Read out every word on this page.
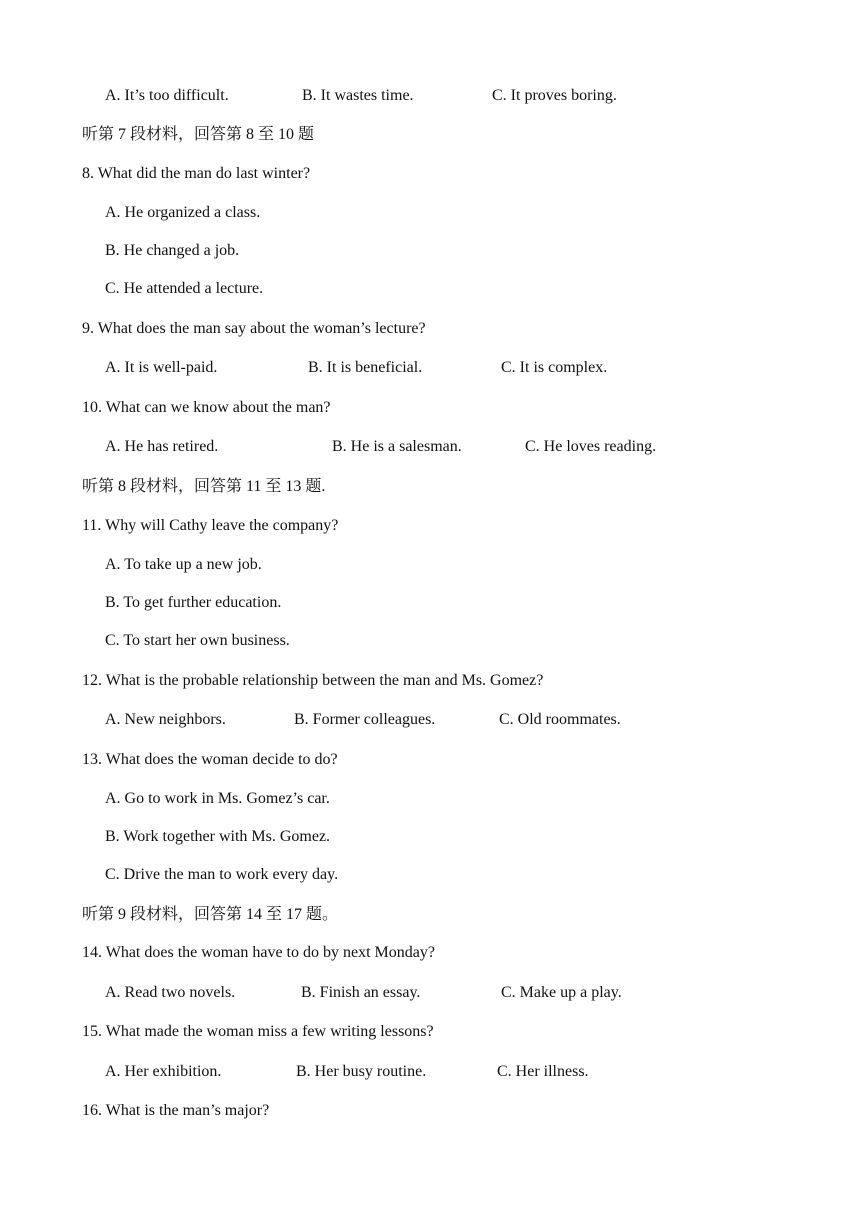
A. It’s too difficult.	B. It wastes time.	C. It proves boring.
听第 7 段材料，回答第 8 至 10 题
8. What did the man do last winter?
A. He organized a class.
B. He changed a job.
C. He attended a lecture.
9. What does the man say about the woman’s lecture?
A. It is well-paid.	B. It is beneficial.	C. It is complex.
10. What can we know about the man?
A. He has retired.	B. He is a salesman.	C. He loves reading.
听第 8 段材料，回答第 11 至 13 题.
11. Why will Cathy leave the company?
A. To take up a new job.
B. To get further education.
C. To start her own business.
12. What is the probable relationship between the man and Ms. Gomez?
A. New neighbors.	B. Former colleagues.	C. Old roommates.
13. What does the woman decide to do?
A. Go to work in Ms. Gomez’s car.
B. Work together with Ms. Gomez.
C. Drive the man to work every day.
听第 9 段材料，回答第 14 至 17 题。
14. What does the woman have to do by next Monday?
A. Read two novels.	B. Finish an essay.	C. Make up a play.
15. What made the woman miss a few writing lessons?
A. Her exhibition.	B. Her busy routine.	C. Her illness.
16. What is the man’s major?
